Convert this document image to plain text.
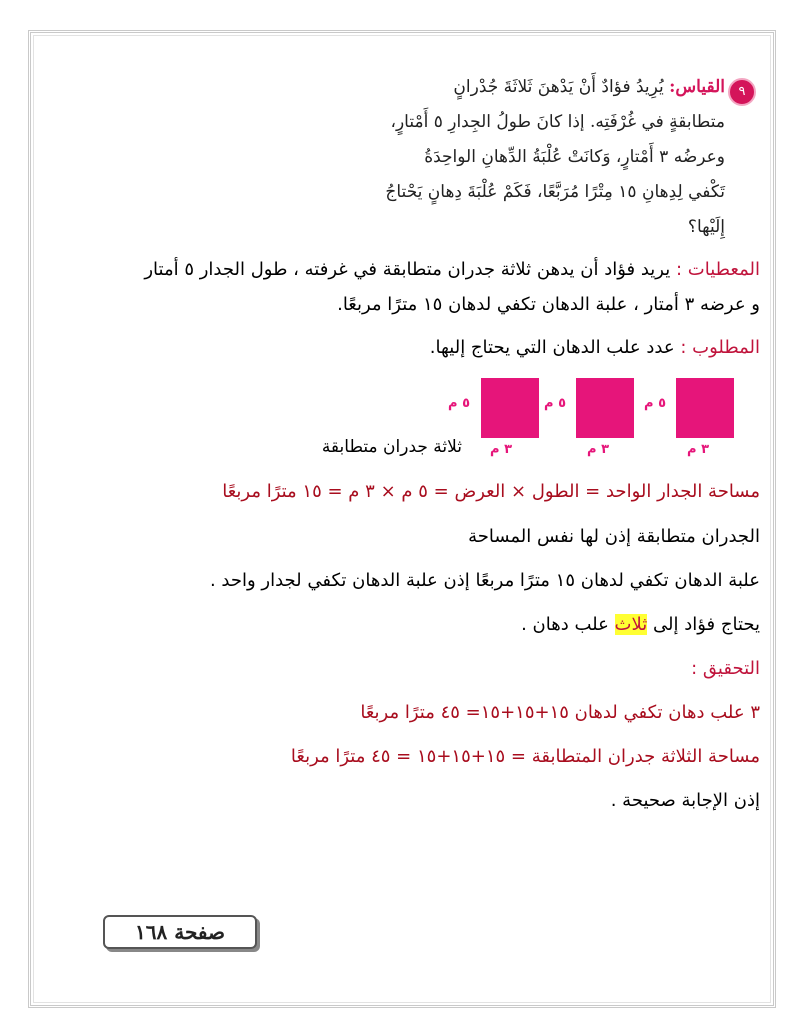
٩
القياس: يُرِيدُ فؤادٌ أَنْ يَدْهنَ ثَلاثَةَ جُدْرانٍ
متطابقةٍ في غُرْفَتِه. إذا كانَ طولُ الجِدارِ ٥ أَمْتارٍ،
وعرضُه ٣ أَمْتارٍ، وَكانَتْ عُلْبَةُ الدِّهانِ الواحِدَةُ
تَكْفي لِدِهانِ ١٥ مِتْرًا مُرَبَّعًا، فَكَمْ عُلْبَةَ دِهانٍ يَحْتاجُ
إِلَيْها؟
المعطيات : يريد فؤاد أن يدهن ثلاثة جدران متطابقة في غرفته ، طول الجدار ٥ أمتار
و عرضه ٣ أمتار ، علبة الدهان تكفي لدهان ١٥ مترًا مربعًا.
المطلوب : عدد علب الدهان التي يحتاج إليها.
٥ م	٥ م	٥ م
٣ م	٣ م	٣ م
ثلاثة جدران متطابقة
مساحة الجدار الواحد = الطول × العرض = ٥ م × ٣ م = ١٥ مترًا مربعًا
الجدران متطابقة إذن لها نفس المساحة
علبة الدهان تكفي لدهان ١٥ مترًا مربعًا إذن علبة الدهان تكفي لجدار واحد .
يحتاج فؤاد إلى ثلاث علب دهان .
التحقيق :
٣ علب دهان تكفي لدهان ١٥+١٥+١٥= ٤٥ مترًا مربعًا
مساحة الثلاثة جدران المتطابقة = ١٥+١٥+١٥ = ٤٥ مترًا مربعًا
إذن الإجابة صحيحة .
صفحة ١٦٨
